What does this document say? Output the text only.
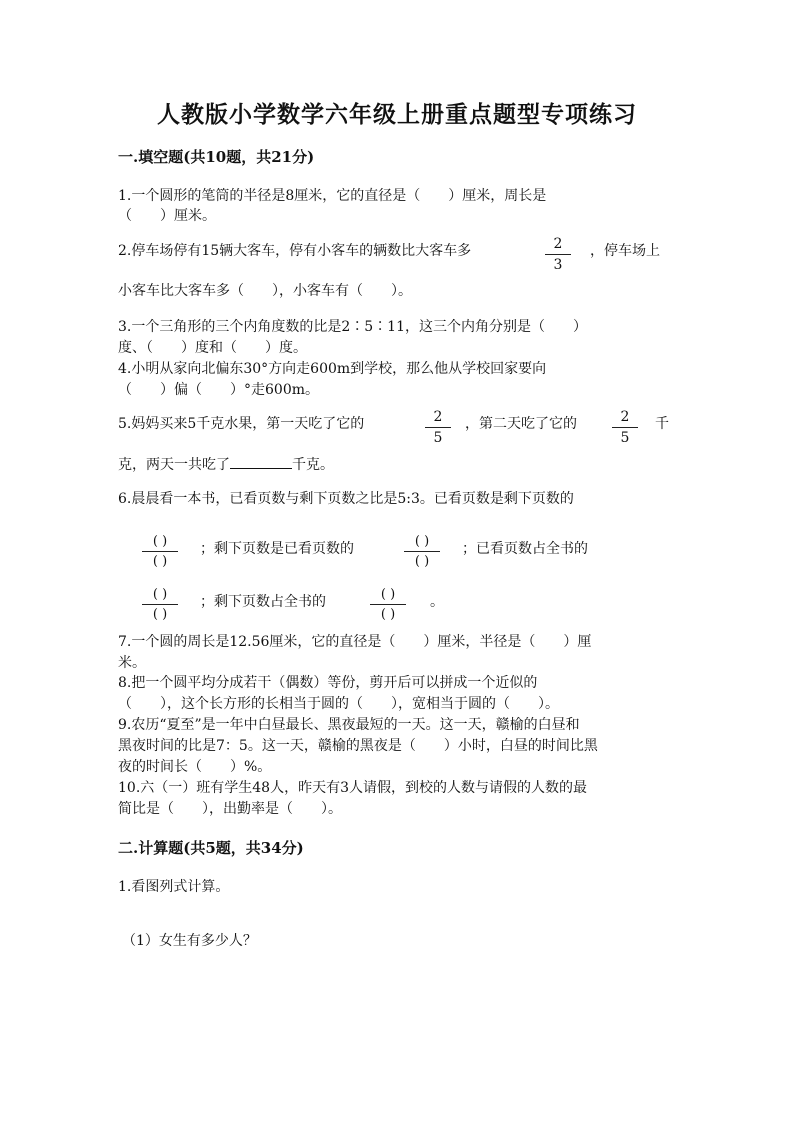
人教版小学数学六年级上册重点题型专项练习
一.填空题(共10题，共21分)
1.一个圆形的笔筒的半径是8厘米，它的直径是（　　）厘米，周长是
（　　）厘米。
2.停车场停有15辆大客车，停有小客车的辆数比大客车多	2
3
，停车场上
小客车比大客车多（　　），小客车有（　　）。
3.一个三角形的三个内角度数的比是2∶5∶11，这三个内角分别是（　　）
度、（　　）度和（　　）度。
4.小明从家向北偏东30°方向走600m到学校，那么他从学校回家要向
（　　）偏（　　）°走600m。
5.妈妈买来5千克水果，第一天吃了它的	2
5
，第二天吃了它的	2
5
千
克，两天一共吃了	千克。
6.晨晨看一本书，已看页数与剩下页数之比是5:3。已看页数是剩下页数的
( )
( )
；剩下页数是已看页数的	( )
( )
；已看页数占全书的
( )
( )
；剩下页数占全书的	( )
( )
。
7.一个圆的周长是12.56厘米，它的直径是（　　）厘米，半径是（　　）厘
米。
8.把一个圆平均分成若干（偶数）等份，剪开后可以拼成一个近似的
（　　），这个长方形的长相当于圆的（　　），宽相当于圆的（　　）。
9.农历“夏至”是一年中白昼最长、黑夜最短的一天。这一天，赣榆的白昼和
黑夜时间的比是7：5。这一天，赣榆的黑夜是（　　）小时，白昼的时间比黑
夜的时间长（　　）%。
10.六（一）班有学生48人，昨天有3人请假，到校的人数与请假的人数的最
简比是（　　），出勤率是（　　）。
二.计算题(共5题，共34分)
1.看图列式计算。
（1）女生有多少人？
